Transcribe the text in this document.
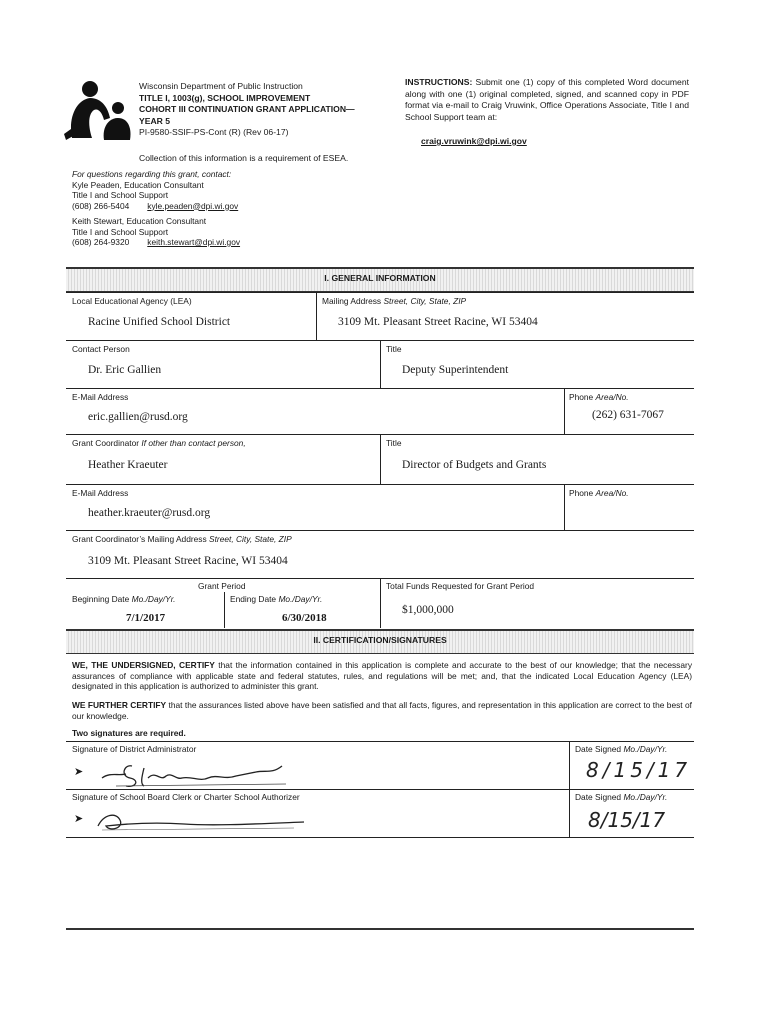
Wisconsin Department of Public Instruction
TITLE I, 1003(g), SCHOOL IMPROVEMENT
COHORT III CONTINUATION GRANT APPLICATION—
YEAR 5
PI-9580-SSIF-PS-Cont (R) (Rev 06-17)
Collection of this information is a requirement of ESEA.
INSTRUCTIONS: Submit one (1) copy of this completed Word document along with one (1) original completed, signed, and scanned copy in PDF format via e-mail to Craig Vruwink, Office Operations Associate, Title I and School Support team at:
craig.vruwink@dpi.wi.gov
For questions regarding this grant, contact:
Kyle Peaden, Education Consultant
Title I and School Support
(608) 266-5404 kyle.peaden@dpi.wi.gov
Keith Stewart, Education Consultant
Title I and School Support
(608) 264-9320 keith.stewart@dpi.wi.gov
I. GENERAL INFORMATION
Local Educational Agency (LEA)
Racine Unified School District
Mailing Address Street, City, State, ZIP
3109 Mt. Pleasant Street Racine, WI 53404
Contact Person
Dr. Eric Gallien
Title
Deputy Superintendent
E-Mail Address
eric.gallien@rusd.org
Phone Area/No.
(262) 631-7067
Grant Coordinator If other than contact person,
Heather Kraeuter
Title
Director of Budgets and Grants
E-Mail Address
heather.kraeuter@rusd.org
Phone Area/No.
Grant Coordinator’s Mailing Address Street, City, State, ZIP
3109 Mt. Pleasant Street Racine, WI 53404
Grant Period
Beginning Date Mo./Day/Yr.
7/1/2017
Ending Date Mo./Day/Yr.
6/30/2018
Total Funds Requested for Grant Period
$1,000,000
II. CERTIFICATION/SIGNATURES
WE, THE UNDERSIGNED, CERTIFY that the information contained in this application is complete and accurate to the best of our knowledge; that the necessary assurances of compliance with applicable state and federal statutes, rules, and regulations will be met; and, that the indicated Local Education Agency (LEA) designated in this application is authorized to administer this grant.
WE FURTHER CERTIFY that the assurances listed above have been satisfied and that all facts, figures, and representation in this application are correct to the best of our knowledge.
Two signatures are required.
Signature of District Administrator	Date Signed Mo./Day/Yr.
➤	8/15/17
Signature of School Board Clerk or Charter School Authorizer	Date Signed Mo./Day/Yr.
➤	8/15/17
